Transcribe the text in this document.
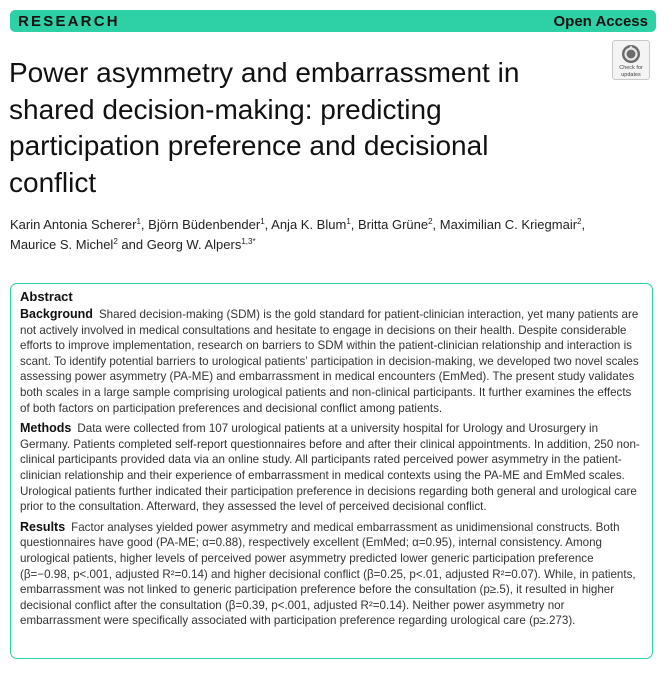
RESEARCH	Open Access
Check for
updates
Power asymmetry and embarrassment in shared decision-making: predicting participation preference and decisional conflict
Karin Antonia Scherer$^1$, Björn Büdenbender$^1$, Anja K. Blum$^1$, Britta Grüne$^2$, Maximilian C. Kriegmair$^2$, Maurice S. Michel$^2$ and Georg W. Alpers$^{1,3*}$
Abstract

Background Shared decision-making (SDM) is the gold standard for patient-clinician interaction, yet many patients are not actively involved in medical consultations and hesitate to engage in decisions on their health. Despite considerable efforts to improve implementation, research on barriers to SDM within the patient-clinician relationship and interaction is scant. To identify potential barriers to urological patients’ participation in decision-making, we developed two novel scales assessing power asymmetry (PA-ME) and embarrassment in medical encounters (EmMed). The present study validates both scales in a large sample comprising urological patients and non-clinical participants. It further examines the effects of both factors on participation preferences and decisional conflict among patients.

Methods Data were collected from 107 urological patients at a university hospital for Urology and Urosurgery in Germany. Patients completed self-report questionnaires before and after their clinical appointments. In addition, 250 non-clinical participants provided data via an online study. All participants rated perceived power asymmetry in the patient-clinician relationship and their experience of embarrassment in medical contexts using the PA-ME and EmMed scales. Urological patients further indicated their participation preference in decisions regarding both general and urological care prior to the consultation. Afterward, they assessed the level of perceived decisional conflict.

Results Factor analyses yielded power asymmetry and medical embarrassment as unidimensional constructs. Both questionnaires have good (PA-ME; α=0.88), respectively excellent (EmMed; α=0.95), internal consistency. Among urological patients, higher levels of perceived power asymmetry predicted lower generic participation preference (β=−0.98, p<.001, adjusted R²=0.14) and higher decisional conflict (β=0.25, p<.01, adjusted R²=0.07). While, in patients, embarrassment was not linked to generic participation preference before the consultation (p≥.5), it resulted in higher decisional conflict after the consultation (β=0.39, p<.001, adjusted R²=0.14). Neither power asymmetry nor embarrassment were specifically associated with participation preference regarding urological care (p≥.273).
